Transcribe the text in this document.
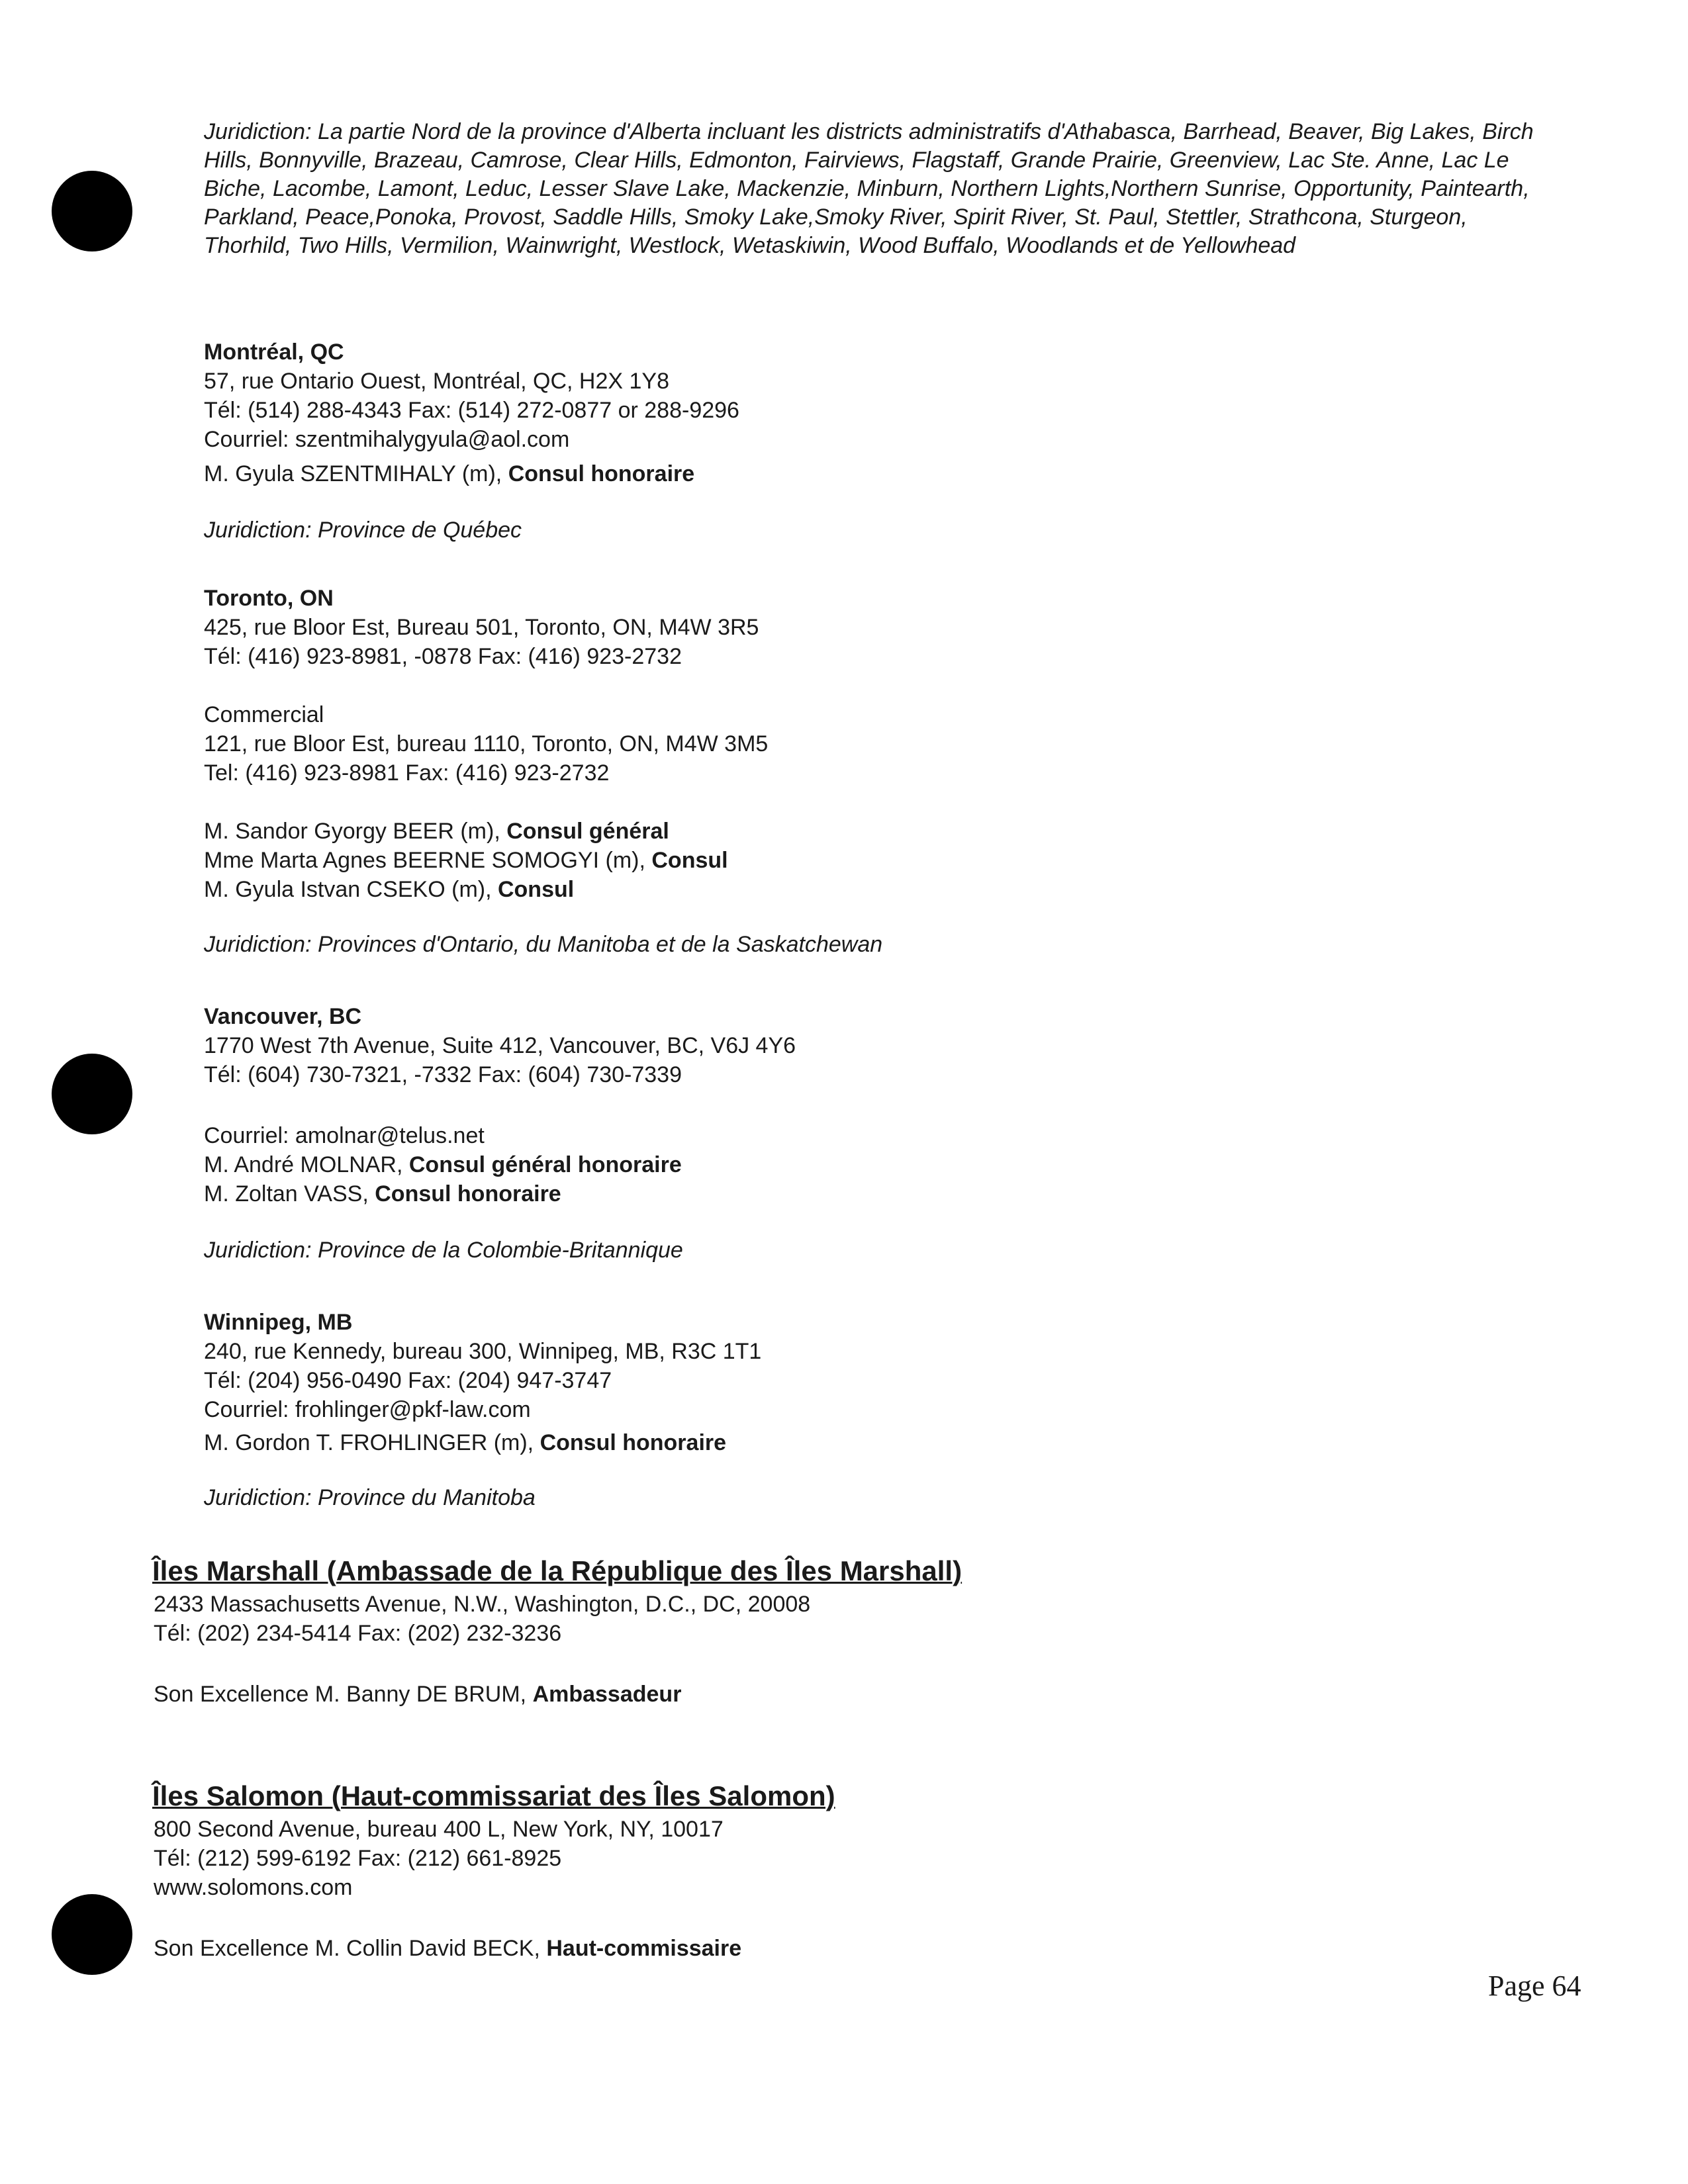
Juridiction: La partie Nord de la province d'Alberta incluant les districts administratifs d'Athabasca, Barrhead, Beaver, Big Lakes, Birch Hills, Bonnyville, Brazeau, Camrose, Clear Hills, Edmonton, Fairviews, Flagstaff, Grande Prairie, Greenview, Lac Ste. Anne, Lac Le Biche, Lacombe, Lamont, Leduc, Lesser Slave Lake, Mackenzie, Minburn, Northern Lights,Northern Sunrise, Opportunity, Paintearth, Parkland, Peace,Ponoka, Provost, Saddle Hills, Smoky Lake,Smoky River, Spirit River, St. Paul, Stettler, Strathcona, Sturgeon, Thorhild, Two Hills, Vermilion, Wainwright, Westlock, Wetaskiwin, Wood Buffalo, Woodlands et de Yellowhead
Montréal, QC
57, rue Ontario Ouest, Montréal, QC, H2X 1Y8
Tél: (514) 288-4343 Fax: (514) 272-0877 or 288-9296
Courriel: szentmihalygyula@aol.com
M. Gyula SZENTMIHALY (m), Consul honoraire
Juridiction: Province de Québec
Toronto, ON
425, rue Bloor Est, Bureau 501, Toronto, ON, M4W 3R5
Tél: (416) 923-8981, -0878 Fax: (416) 923-2732
Commercial
121, rue Bloor Est, bureau 1110, Toronto, ON, M4W 3M5
Tel: (416) 923-8981 Fax: (416) 923-2732
M. Sandor Gyorgy BEER (m), Consul général
Mme Marta Agnes BEERNE SOMOGYI (m), Consul
M. Gyula Istvan CSEKO (m), Consul
Juridiction: Provinces d'Ontario, du Manitoba et de la Saskatchewan
Vancouver, BC
1770 West 7th Avenue, Suite 412, Vancouver, BC, V6J 4Y6
Tél: (604) 730-7321, -7332 Fax: (604) 730-7339
Courriel: amolnar@telus.net
M. André MOLNAR, Consul général honoraire
M. Zoltan VASS, Consul honoraire
Juridiction: Province de la Colombie-Britannique
Winnipeg, MB
240, rue Kennedy, bureau 300, Winnipeg, MB, R3C 1T1
Tél: (204) 956-0490 Fax: (204) 947-3747
Courriel: frohlinger@pkf-law.com
M. Gordon T. FROHLINGER (m), Consul honoraire
Juridiction: Province du Manitoba
Îles Marshall (Ambassade de la République des Îles Marshall)
2433 Massachusetts Avenue, N.W., Washington, D.C., DC, 20008
Tél: (202) 234-5414 Fax: (202) 232-3236
Son Excellence M. Banny DE BRUM, Ambassadeur
Îles Salomon (Haut-commissariat des Îles Salomon)
800 Second Avenue, bureau 400 L, New York, NY, 10017
Tél: (212) 599-6192 Fax: (212) 661-8925
www.solomons.com
Son Excellence M. Collin David BECK, Haut-commissaire
Page 64
